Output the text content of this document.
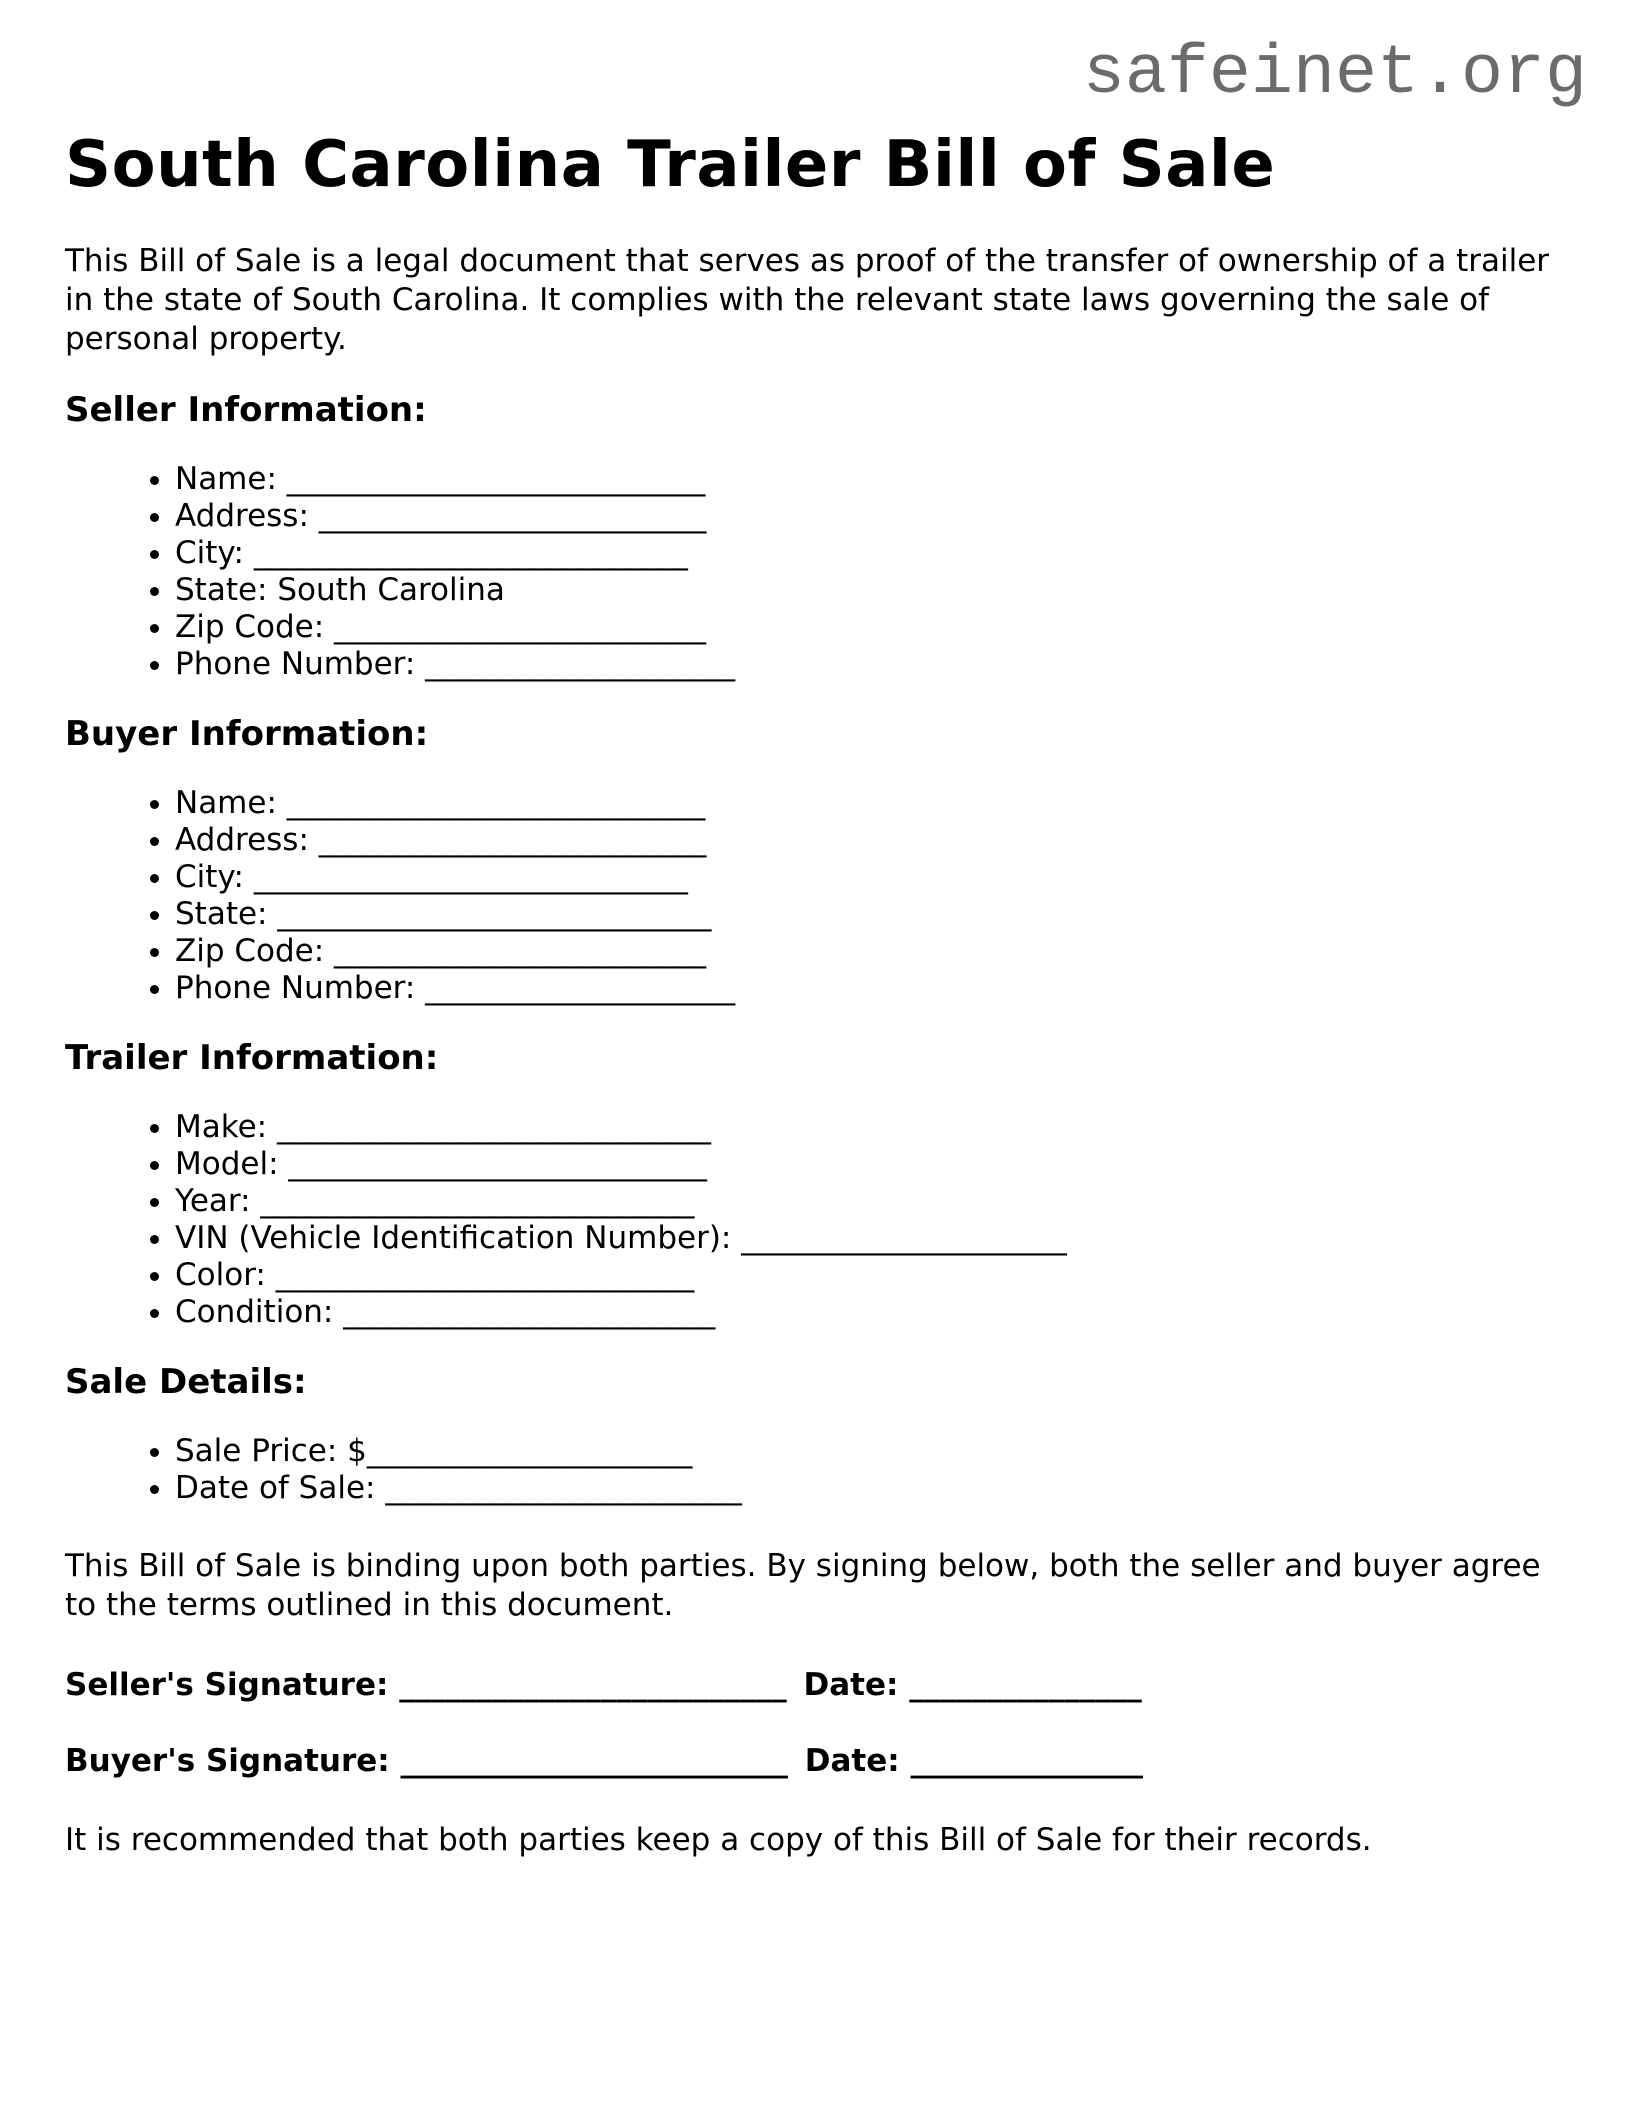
safeinet.org
South Carolina Trailer Bill of Sale

This Bill of Sale is a legal document that serves as proof of the transfer of ownership of a trailer in the state of South Carolina. It complies with the relevant state laws governing the sale of personal property.

Seller Information:
• Name: ___________________________
• Address: _________________________
• City: ____________________________
• State: South Carolina
• Zip Code: ________________________
• Phone Number: ____________________
Buyer Information:
• Name: ___________________________
• Address: _________________________
• City: ____________________________
• State: ____________________________
• Zip Code: ________________________
• Phone Number: ____________________
Trailer Information:
• Make: ____________________________
• Model: ___________________________
• Year: ____________________________
• VIN (Vehicle Identification Number): _____________________
• Color: ___________________________
• Condition: ________________________
Sale Details:
• Sale Price: $_____________________
• Date of Sale: _______________________

This Bill of Sale is binding upon both parties. By signing below, both the seller and buyer agree to the terms outlined in this document.

Seller's Signature: _________________________ Date: _______________

Buyer's Signature: _________________________ Date: _______________

It is recommended that both parties keep a copy of this Bill of Sale for their records.
